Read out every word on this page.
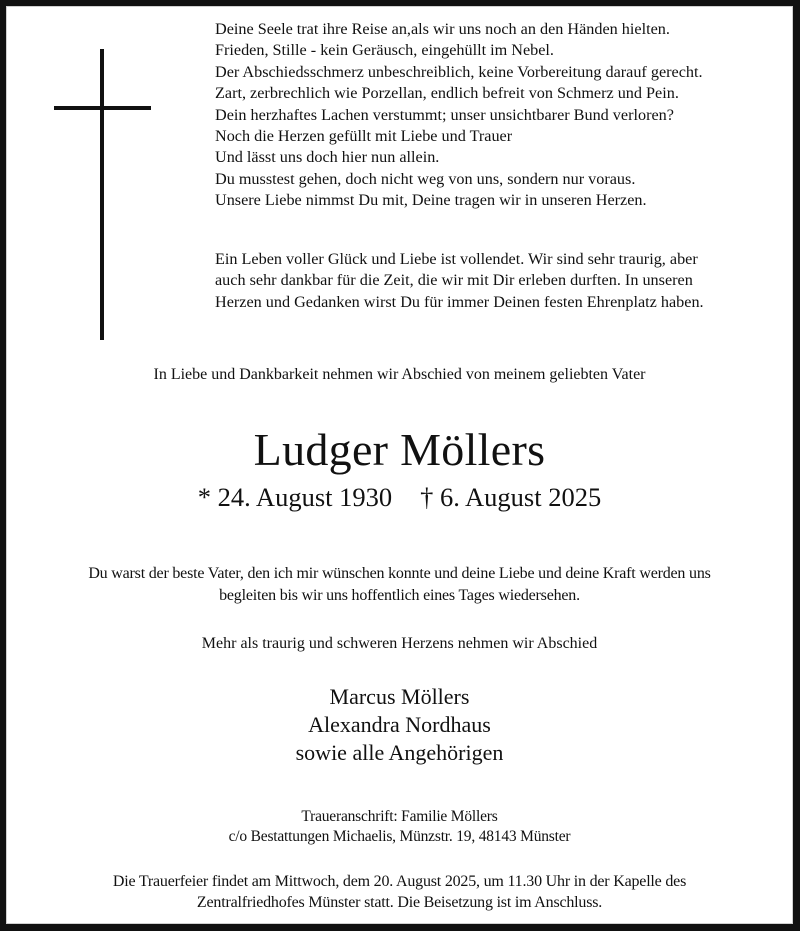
Deine Seele trat ihre Reise an,als wir uns noch an den Händen hielten.
Frieden, Stille - kein Geräusch, eingehüllt im Nebel.
Der Abschiedsschmerz unbeschreiblich, keine Vorbereitung darauf gerecht.
Zart, zerbrechlich wie Porzellan, endlich befreit von Schmerz und Pein.
Dein herzhaftes Lachen verstummt; unser unsichtbarer Bund verloren?
Noch die Herzen gefüllt mit Liebe und Trauer
Und lässt uns doch hier nun allein.
Du musstest gehen, doch nicht weg von uns, sondern nur voraus.
Unsere Liebe nimmst Du mit, Deine tragen wir in unseren Herzen.
Ein Leben voller Glück und Liebe ist vollendet. Wir sind sehr traurig, aber
auch sehr dankbar für die Zeit, die wir mit Dir erleben durften. In unseren
Herzen und Gedanken wirst Du für immer Deinen festen Ehrenplatz haben.
In Liebe und Dankbarkeit nehmen wir Abschied von meinem geliebten Vater
Ludger Möllers
* 24. August 1930 † 6. August 2025
Du warst der beste Vater, den ich mir wünschen konnte und deine Liebe und deine Kraft werden uns
begleiten bis wir uns hoffentlich eines Tages wiedersehen.
Mehr als traurig und schweren Herzens nehmen wir Abschied
Marcus Möllers
Alexandra Nordhaus
sowie alle Angehörigen
Traueranschrift: Familie Möllers
c/o Bestattungen Michaelis, Münzstr. 19, 48143 Münster
Die Trauerfeier findet am Mittwoch, dem 20. August 2025, um 11.30 Uhr in der Kapelle des
Zentralfriedhofes Münster statt. Die Beisetzung ist im Anschluss.
